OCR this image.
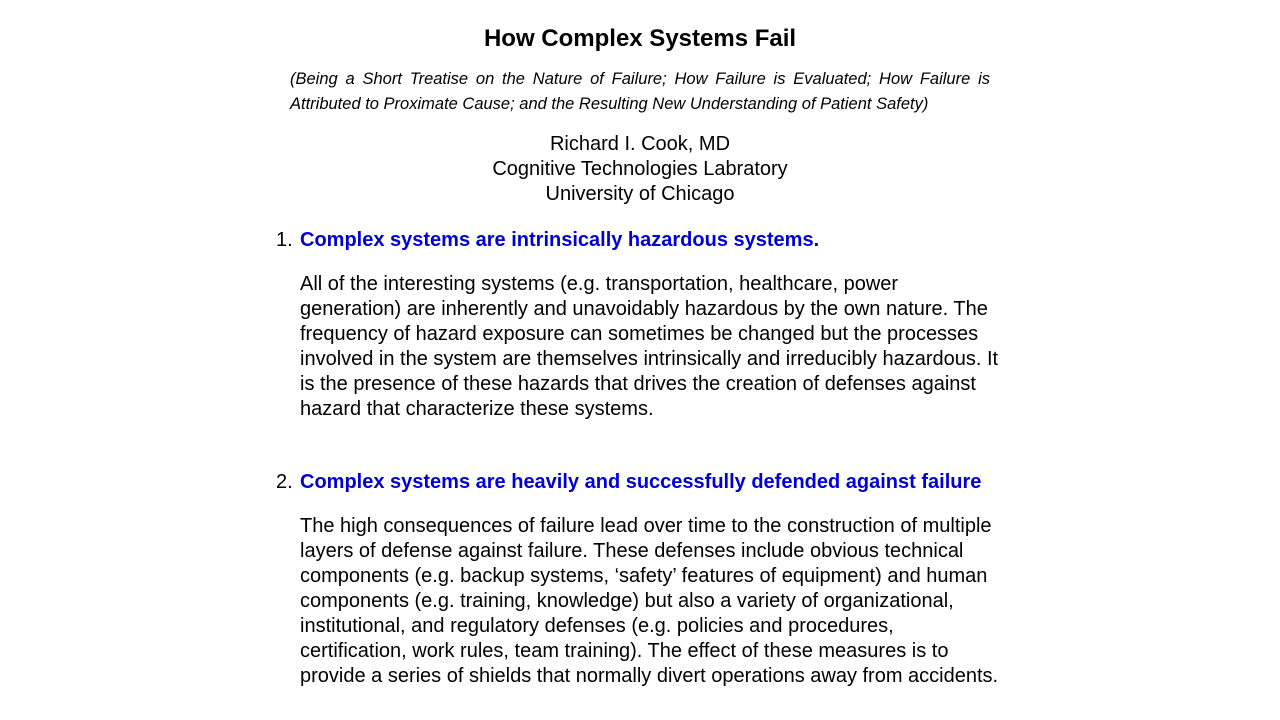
How Complex Systems Fail

(Being a Short Treatise on the Nature of Failure; How Failure is Evaluated; How Failure is Attributed to Proximate Cause; and the Resulting New Understanding of Patient Safety)

Richard I. Cook, MD
Cognitive Technologies Labratory
University of Chicago
1. Complex systems are intrinsically hazardous systems.

All of the interesting systems (e.g. transportation, healthcare, power generation) are inherently and unavoidably hazardous by the own nature. The frequency of hazard exposure can sometimes be changed but the processes involved in the system are themselves intrinsically and irreducibly hazardous. It is the presence of these hazards that drives the creation of defenses against hazard that characterize these systems.

2. Complex systems are heavily and successfully defended against failure

The high consequences of failure lead over time to the construction of multiple layers of defense against failure. These defenses include obvious technical components (e.g. backup systems, ‘safety’ features of equipment) and human components (e.g. training, knowledge) but also a variety of organizational, institutional, and regulatory defenses (e.g. policies and procedures, certification, work rules, team training). The effect of these measures is to provide a series of shields that normally divert operations away from accidents.
